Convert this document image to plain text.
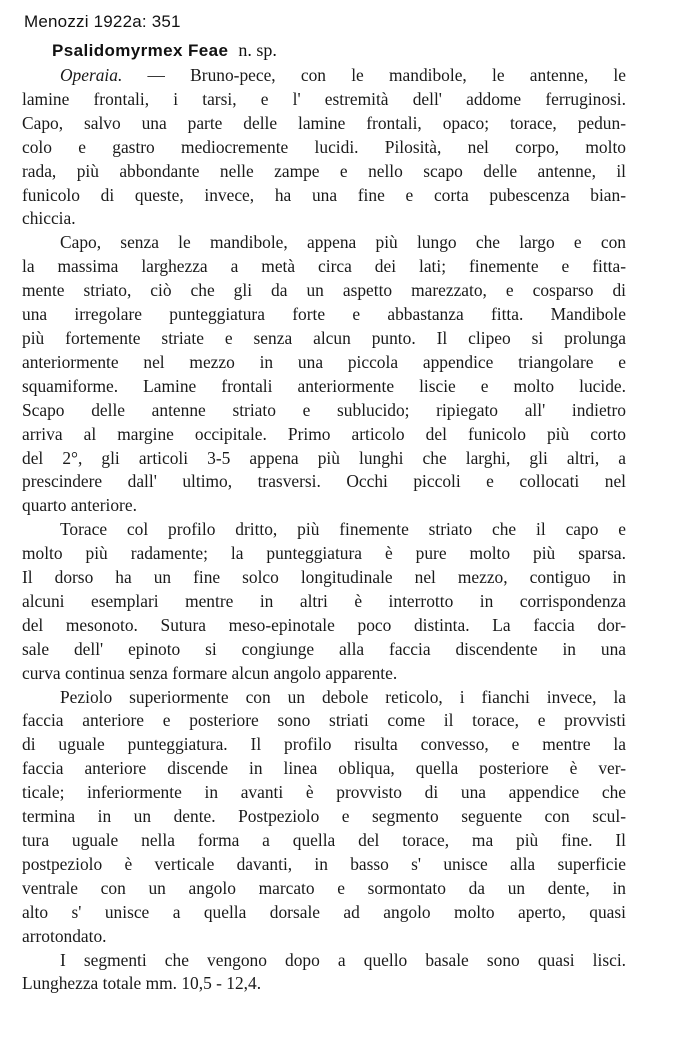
Menozzi 1922a: 351
Psalidomyrmex Feae n. sp.
Operaia. — Bruno-pece, con le mandibole, le antenne, le
lamine frontali, i tarsi, e l' estremità dell' addome ferruginosi.
Capo, salvo una parte delle lamine frontali, opaco; torace, pedun-
colo e gastro mediocremente lucidi. Pilosità, nel corpo, molto
rada, più abbondante nelle zampe e nello scapo delle antenne, il
funicolo di queste, invece, ha una fine e corta pubescenza bian-
chiccia.
Capo, senza le mandibole, appena più lungo che largo e con
la massima larghezza a metà circa dei lati; finemente e fitta-
mente striato, ciò che gli da un aspetto marezzato, e cosparso di
una irregolare punteggiatura forte e abbastanza fitta. Mandibole
più fortemente striate e senza alcun punto. Il clipeo si prolunga
anteriormente nel mezzo in una piccola appendice triangolare e
squamiforme. Lamine frontali anteriormente liscie e molto lucide.
Scapo delle antenne striato e sublucido; ripiegato all' indietro
arriva al margine occipitale. Primo articolo del funicolo più corto
del 2°, gli articoli 3-5 appena più lunghi che larghi, gli altri, a
prescindere dall' ultimo, trasversi. Occhi piccoli e collocati nel
quarto anteriore.
Torace col profilo dritto, più finemente striato che il capo e
molto più radamente; la punteggiatura è pure molto più sparsa.
Il dorso ha un fine solco longitudinale nel mezzo, contiguo in
alcuni esemplari mentre in altri è interrotto in corrispondenza
del mesonoto. Sutura meso-epinotale poco distinta. La faccia dor-
sale dell' epinoto si congiunge alla faccia discendente in una
curva continua senza formare alcun angolo apparente.
Peziolo superiormente con un debole reticolo, i fianchi invece, la
faccia anteriore e posteriore sono striati come il torace, e provvisti
di uguale punteggiatura. Il profilo risulta convesso, e mentre la
faccia anteriore discende in linea obliqua, quella posteriore è ver-
ticale; inferiormente in avanti è provvisto di una appendice che
termina in un dente. Postpeziolo e segmento seguente con scul-
tura uguale nella forma a quella del torace, ma più fine. Il
postpeziolo è verticale davanti, in basso s' unisce alla superficie
ventrale con un angolo marcato e sormontato da un dente, in
alto s' unisce a quella dorsale ad angolo molto aperto, quasi
arrotondato.
I segmenti che vengono dopo a quello basale sono quasi lisci.
Lunghezza totale mm. 10,5 - 12,4.
